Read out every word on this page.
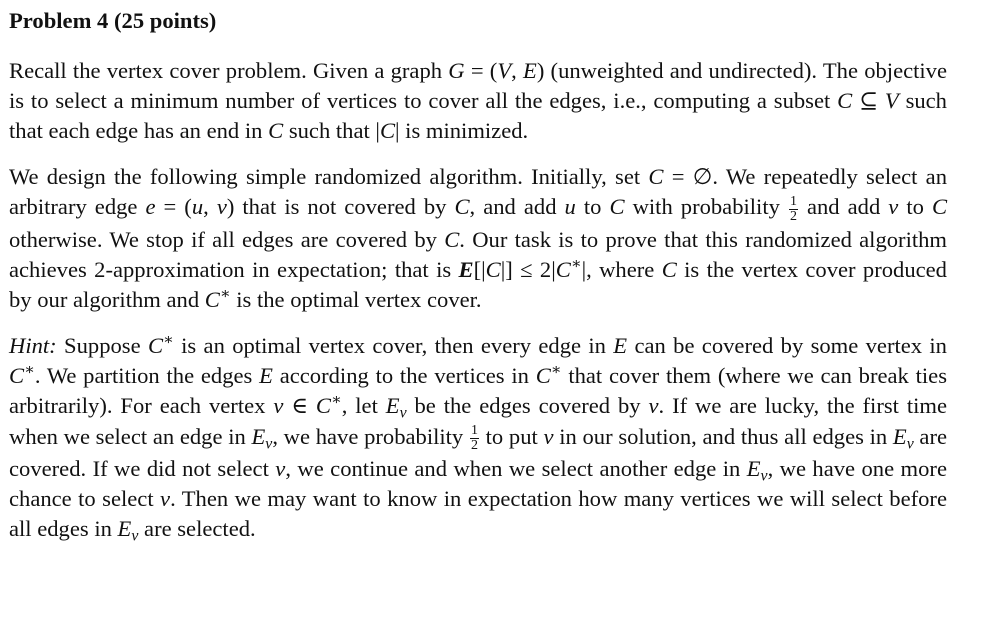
Problem 4 (25 points)

Recall the vertex cover problem. Given a graph G = (V, E) (unweighted and undirected). The objective is to select a minimum number of vertices to cover all the edges, i.e., computing a subset C ⊆ V such that each edge has an end in C such that |C| is minimized.

We design the following simple randomized algorithm. Initially, set C = ∅. We repeatedly select an arbitrary edge e = (u, v) that is not covered by C, and add u to C with probability $\frac{1}{2}$ and add v to C otherwise. We stop if all edges are covered by C. Our task is to prove that this randomized algorithm achieves 2-approximation in expectation; that is E[|C|] ≤ 2|C∗|, where C is the vertex cover produced by our algorithm and C∗ is the optimal vertex cover.

Hint: Suppose C∗ is an optimal vertex cover, then every edge in E can be covered by some vertex in C∗. We partition the edges E according to the vertices in C∗ that cover them (where we can break ties arbitrarily). For each vertex v ∈ C∗, let $E_v$ be the edges covered by v. If we are lucky, the first time when we select an edge in $E_v$, we have probability $\frac{1}{2}$ to put v in our solution, and thus all edges in $E_v$ are covered. If we did not select v, we continue and when we select another edge in $E_v$, we have one more chance to select v. Then we may want to know in expectation how many vertices we will select before all edges in $E_v$ are selected.
